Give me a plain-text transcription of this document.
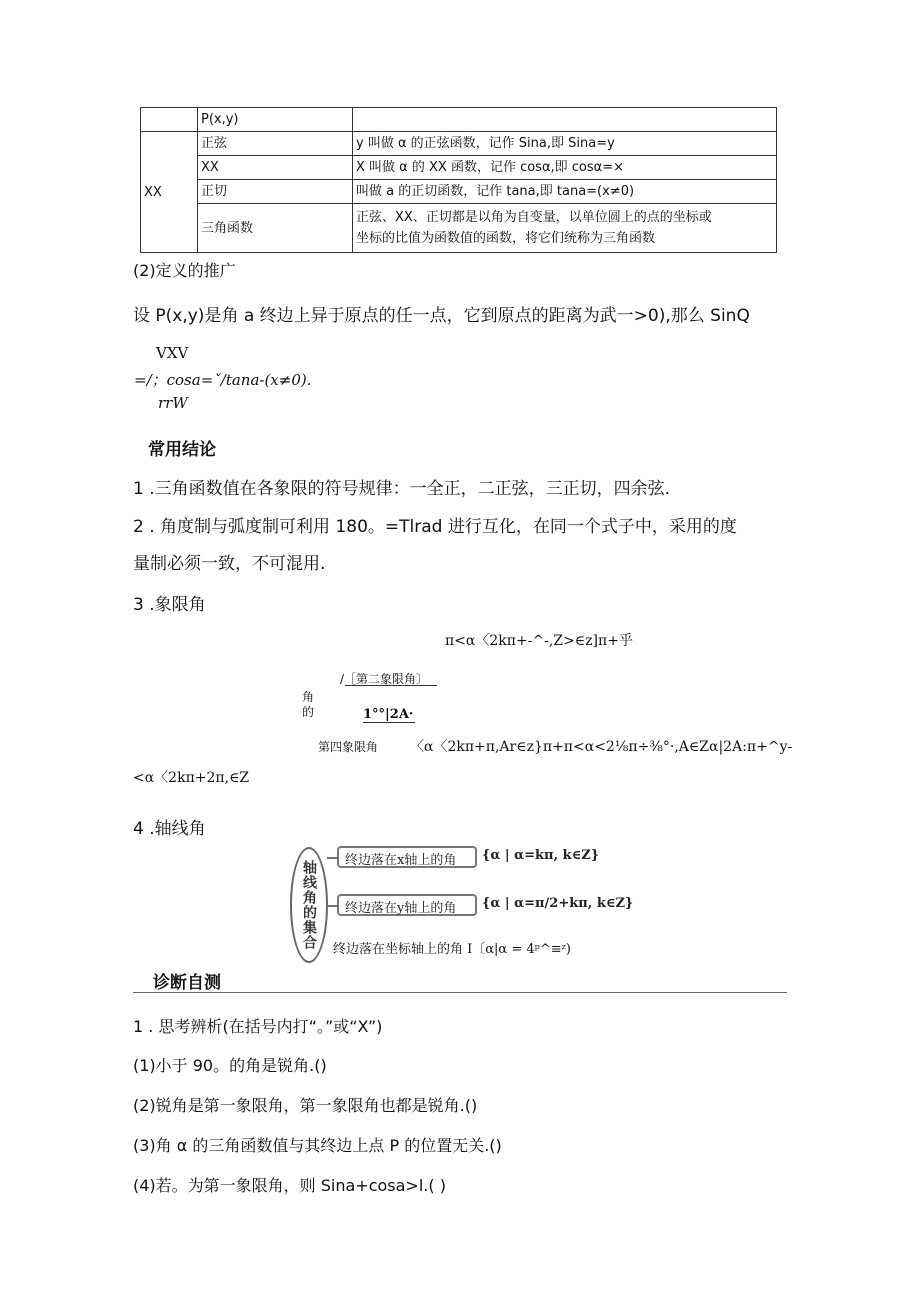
	P(x,y)	
XX	正弦	y 叫做 α 的正弦函数，记作 Sina,即 Sina=y
	XX	X 叫做 α 的 XX 函数，记作 cosα,即 cosα=×
	正切	叫做 a 的正切函数，记作 tana,即 tana=(x≠0)
	三角函数	正弦、XX、正切都是以角为自变量，以单位圆上的点的坐标或
坐标的比值为函数值的函数，将它们统称为三角函数
(2)定义的推广
设 P(x,y)是角 a 终边上异于原点的任一点，它到原点的距离为武一>0),那么 SinQ
VXV
=/；cosa=ˇ/tana-(x≠0).
rrW
常用结论
1 .三角函数值在各象限的符号规律：一全正，二正弦，三正切，四余弦.
2 . 角度制与弧度制可利用 180。=Tlrad 进行互化，在同一个式子中，采用的度
量制必须一致，不可混用.
3 .象限角
π<α〈2kπ+-^-,Z>∈z]π+乎
/［第二象限角〕
角
的	1°°|2A·
第四象限角 〈α〈2kπ+π,Ar∈z}π+π<α<2⅛π÷⅜°·,A∈Zα|2A:π+^y-
<α〈2kπ+2π,∈Z
4 .轴线角
轴线角的集合	终边落在x轴上的角	{α | α=kπ, k∈Z}
终边落在y轴上的角	{α | α=π/2+kπ, k∈Z}
终边落在坐标轴上的角 I〔α|α = 4ᵖ^≡ᶻ)
诊断自测
1 . 思考辨析(在括号内打“。”或“X”)
(1)小于 90。的角是锐角.()
(2)锐角是第一象限角，第一象限角也都是锐角.()
(3)角 α 的三角函数值与其终边上点 P 的位置无关.()
(4)若。为第一象限角，则 Sina+cosa>l.( )
